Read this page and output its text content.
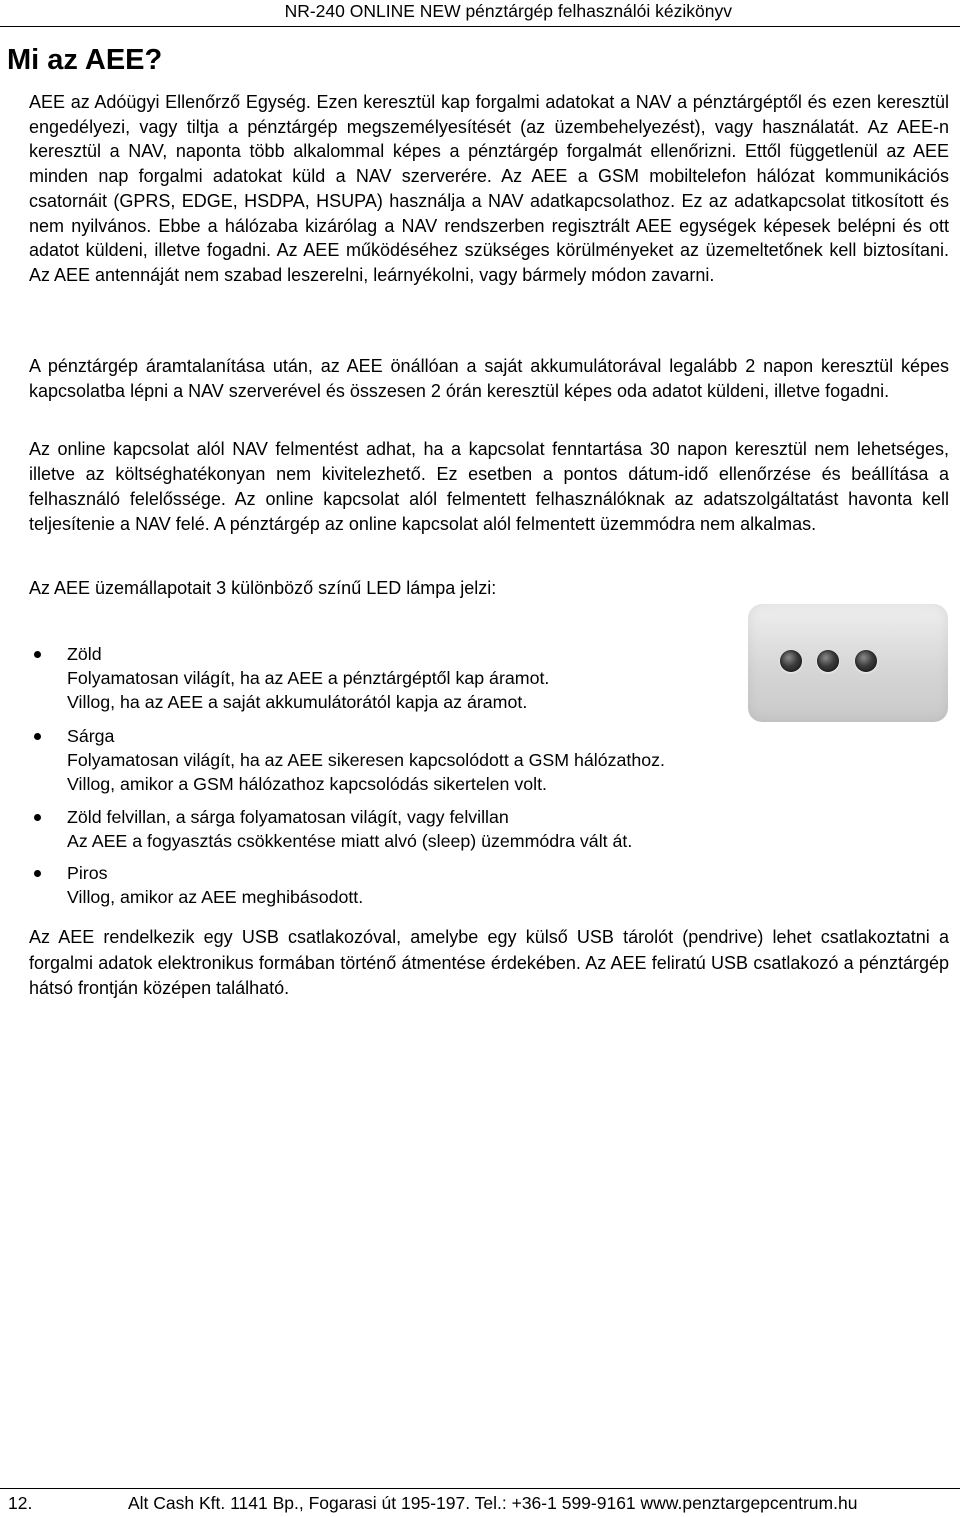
NR-240 ONLINE NEW pénztárgép felhasználói kézikönyv
Mi az AEE?

AEE az Adóügyi Ellenőrző Egység. Ezen keresztül kap forgalmi adatokat a NAV a pénztárgéptől és ezen keresztül engedélyezi, vagy tiltja a pénztárgép megszemélyesítését (az üzembehelyezést), vagy használatát. Az AEE-n keresztül a NAV, naponta több alkalommal képes a pénztárgép forgalmát ellenőrizni. Ettől függetlenül az AEE minden nap forgalmi adatokat küld a NAV szerverére. Az AEE a GSM mobiltelefon hálózat kommunikációs csatornáit (GPRS, EDGE, HSDPA, HSUPA) használja a NAV adatkapcsolathoz. Ez az adatkapcsolat titkosított és nem nyilvános. Ebbe a hálózaba kizárólag a NAV rendszerben regisztrált AEE egységek képesek belépni és ott adatot küldeni, illetve fogadni. Az AEE működéséhez szükséges körülményeket az üzemeltetőnek kell biztosítani. Az AEE antennáját nem szabad leszerelni, leárnyékolni, vagy bármely módon zavarni.

A pénztárgép áramtalanítása után, az AEE önállóan a saját akkumulátorával legalább 2 napon keresztül képes kapcsolatba lépni a NAV szerverével és összesen 2 órán keresztül képes oda adatot küldeni, illetve fogadni.

Az online kapcsolat alól NAV felmentést adhat, ha a kapcsolat fenntartása 30 napon keresztül nem lehetséges, illetve az költséghatékonyan nem kivitelezhető. Ez esetben a pontos dátum-idő ellenőrzése és beállítása a felhasználó felelőssége. Az online kapcsolat alól felmentett felhasználóknak az adatszolgáltatást havonta kell teljesítenie a NAV felé. A pénztárgép az online kapcsolat alól felmentett üzemmódra nem alkalmas.

Az AEE üzemállapotait 3 különböző színű LED lámpa jelzi:

Zöld
Folyamatosan világít, ha az AEE a pénztárgéptől kap áramot.
Villog, ha az AEE a saját akkumulátorától kapja az áramot.
Sárga
Folyamatosan világít, ha az AEE sikeresen kapcsolódott a GSM hálózathoz.
Villog, amikor a GSM hálózathoz kapcsolódás sikertelen volt.
Zöld felvillan, a sárga folyamatosan világít, vagy felvillan
Az AEE a fogyasztás csökkentése miatt alvó (sleep) üzemmódra vált át.
Piros
Villog, amikor az AEE meghibásodott.

Az AEE rendelkezik egy USB csatlakozóval, amelybe egy külső USB tárolót (pendrive) lehet csatlakoztatni a forgalmi adatok elektronikus formában történő átmentése érdekében. Az AEE feliratú USB csatlakozó a pénztárgép hátsó frontján középen található.

12.	Alt Cash Kft. 1141 Bp., Fogarasi út 195-197. Tel.: +36-1 599-9161 www.penztargepcentrum.hu
